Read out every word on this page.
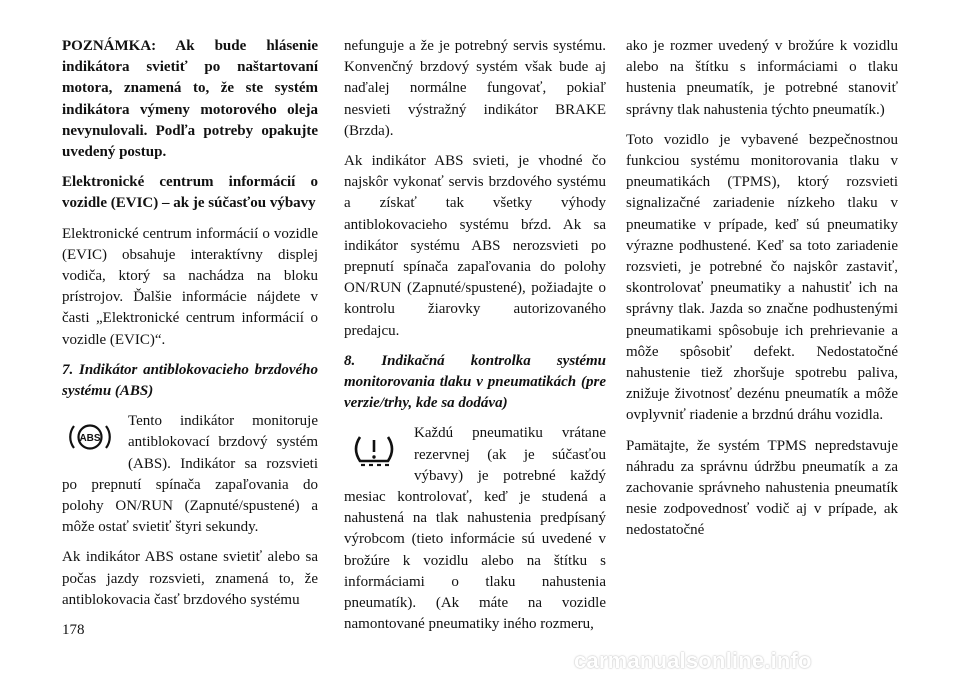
POZNÁMKA: Ak bude hlásenie indikátora svietiť po naštartovaní motora, znamená to, že ste systém indikátora výmeny motorového oleja nevynulovali. Podľa potreby opakujte uvedený postup.

Elektronické centrum informácií o vozidle (EVIC) – ak je súčasťou výbavy

Elektronické centrum informácií o vozidle (EVIC) obsahuje interaktívny displej vodiča, ktorý sa nachádza na bloku prístrojov. Ďalšie informácie nájdete v časti „Elektronické centrum informácií o vozidle (EVIC)“.

7. Indikátor antiblokovacieho brzdového systému (ABS)

ABS

Tento indikátor monitoruje antiblokovací brzdový systém (ABS). Indikátor sa rozsvieti po prepnutí spínača zapaľovania do polohy ON/RUN (Zapnuté/spustené) a môže ostať svietiť štyri sekundy.

Ak indikátor ABS ostane svietiť alebo sa počas jazdy rozsvieti, znamená to, že antiblokovacia časť brzdového systému

nefunguje a že je potrebný servis systému. Konvenčný brzdový systém však bude aj naďalej normálne fungovať, pokiaľ nesvieti výstražný indikátor BRAKE (Brzda).

Ak indikátor ABS svieti, je vhodné čo najskôr vykonať servis brzdového systému a získať tak všetky výhody antiblokovacieho systému bŕzd. Ak sa indikátor systému ABS nerozsvieti po prepnutí spínača zapaľovania do polohy ON/RUN (Zapnuté/spustené), požiadajte o kontrolu žiarovky autorizovaného predajcu.

8. Indikačná kontrolka systému monitorovania tlaku v pneumatikách (pre verzie/trhy, kde sa dodáva)

Každú pneumatiku vrátane rezervnej (ak je súčasťou výbavy) je potrebné každý mesiac kontrolovať, keď je studená a nahustená na tlak nahustenia predpísaný výrobcom (tieto informácie sú uvedené v brožúre k vozidlu alebo na štítku s informáciami o tlaku nahustenia pneumatík). (Ak máte na vozidle namontované pneumatiky iného rozmeru,

ako je rozmer uvedený v brožúre k vozidlu alebo na štítku s informáciami o tlaku hustenia pneumatík, je potrebné stanoviť správny tlak nahustenia týchto pneumatík.)

Toto vozidlo je vybavené bezpečnostnou funkciou systému monitorovania tlaku v pneumatikách (TPMS), ktorý rozsvieti signalizačné zariadenie nízkeho tlaku v pneumatike v prípade, keď sú pneumatiky výrazne podhustené. Keď sa toto zariadenie rozsvieti, je potrebné čo najskôr zastaviť, skontrolovať pneumatiky a nahustiť ich na správny tlak. Jazda so značne podhustenými pneumatikami spôsobuje ich prehrievanie a môže spôsobiť defekt. Nedostatočné nahustenie tiež zhoršuje spotrebu paliva, znižuje životnosť dezénu pneumatík a môže ovplyvniť riadenie a brzdnú dráhu vozidla.

Pamätajte, že systém TPMS nepredstavuje náhradu za správnu údržbu pneumatík a za zachovanie správneho nahustenia pneumatík nesie zodpovednosť vodič aj v prípade, ak nedostatočné

178
carmanualsonline.info
